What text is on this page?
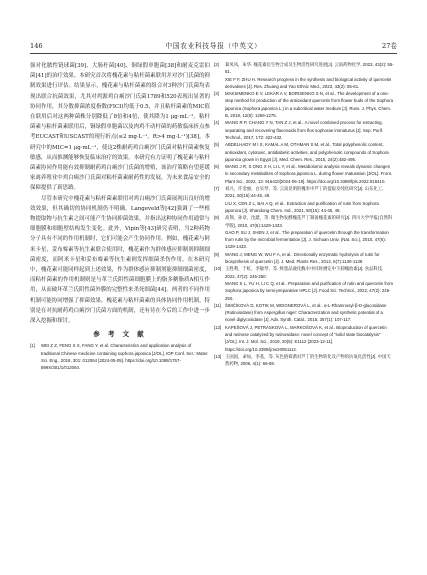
146	中国农业科技导报（中英文）	27卷

强对化脓性链球菌[39]、大肠杆菌[40]、铜绿假单胞菌[38]和耐麦克雷伯菌[41]的治疗效果。本研究首次将槐花素与粘杆菌素联用并对沙门氏菌的抑制效果进行评估。结果显示，槐花素与粘杆菌素的组合对3种沙门氏菌均表现出联合抗菌效果，尤其对鸡源鸡白痢沙门氏菌1789和520表现出显著的协同作用，其分数抑菌浓度指数(FICI)均低于0.5，并且粘杆菌素的MIC值在联用后对这两种菌株分别降低了8倍和4倍，使其降为1 μg·mL⁻¹。粘杆菌素与粘杆菌素联用后，铜绿假单胞菌以及肉鸡不动杆菌的药敏临床折点参考EUCAST和USCAST的现行折点(≤2 mg·L⁻¹，R>4 mg·L⁻¹)[38]，本研究中的MIC=1 μg·mL⁻¹，使这2株耐药鸡白痢沙门氏菌对粘杆菌素恢复敏感，从而推测能够恢复临床治疗的效果。本研究有力证明了槐花素与粘杆菌素协同作用能有效抑制耐药鸡白痢沙门氏菌的增殖，该治疗策略有望延缓家禽养殖业中鸡白痢沙门氏菌对粘杆菌素耐药性的发展，为未来食品安全的保障提供了新思路。

尽管本研究中槐花素与粘杆菌素联用对鸡白痢沙门氏菌展现出良好的增效效果，但其确切的协同机制仍不明确。Langeveld等[42]强调了一些植物提取物与抗生素之间可能产生协同抑菌效果，并指出这种协同作用通常与细胞膜和细胞壁结构发生变化。此外，Vipin等[43]研究表明，当2种药物分子具有不同的作用机制时，它们可能会产生协同作用。例如，槐花素与阿米卡星、妥布霉素等抗生素联合使用时，槐花素作为群体感应抑制剂抑制细菌密度，而阿米卡星和妥布霉素等抗生素则发挥细菌杀伤作用。在本研究中，槐花素可能同样起到上述效果，作为群体感应抑制剂能抑制细菌密度，而粘杆菌素的作用机制则是与革兰氏阴性菌细胞膜上的脂多糖脂质A相互作用，从而破坏革兰氏阴性菌外膜的完整性来杀死细菌[44]。两者的不同作用机制可能协同增强了抑菌效果。槐花素与粘杆菌素的具体协同作用机制，特别是在对抗耐药鸡白痢沙门氏菌方面的机制，还有待在今后的工作中进一步深入挖掘和探讨。

参 考 文 献

[1] WEI Z Z, FENG S X, FANG Y, et al. Characteristics and application analysis of traditional Chinese medicine containing sophora japonica [J/OL]. IOP Conf. Ser.: Mater. Sci. Eng., 2018, 301: 012064 [2024-05-05]. https://doi.org/10.1088/1757-899X/301/1/012064.

[2] 葛凤凤，朱华. 槐花素衍生物合成及生物活性研究进展[J]. 云南药物化学, 2023, 43(2): 55-61.

XIE F F, ZHU H. Research progress in the synthesis and biological activity of quercetin derivatives [J]. Res. Zhuang and Yao Ethnic Med., 2023, 43(2): 55-61.

[3] MAKSIMENKO E V, LEKAR A V, BORISENKO S N, et al.. The development of a one-step method for production of the antioxidant quercetin from flower buds of the Sophora japonica (Sophora japonica L.) in a subcritical water medium [J]. Russ. J. Phys. Chem. B, 2018, 12(8): 1269-1275.

[4] WANG R P, CHANG Y N, TAN Z J, et al.. A novel combined process for extracting, separating and recovering flavonoids from flos sophorae immaturus [J]. Sep. Purif. Technol., 2017, 172: 422-432.

[5] ABDELHADY M I S, KAMAL A M, OTHMAN S M, et al.. Total polyphenolic content, antioxidant, cytotoxic, antidiabetic activities, and polyphenolic compounds of Sophora japonica grown in Egypt [J]. Med. Chem. Res., 2015, 24(2):482-495.

[6] WANG J R, S ONG X H, LI L Y, et al.. Metabolomic analysis reveals dynamic changes in secondary metabolites of Sophora japonica L. during flower maturation [J/OL]. Front. Plant Sci., 2022, 13: 916410[2024-05-19]. https://doi.org/10.3389/fpls.2022.916410.

[7] 刘兴，许金丽，白实琴，等. 云南昆明的槐米中芦丁的提取及纯化研究[J]. 山东化工, 2021, 50(16):44-45, 49.

LIU X, CEN Z L, BAI A Q, et al.. Extraction and purification of rutin from Sophora japonica [J]. Shandong Chem. Ind., 2021, 50(16): 44-45, 49.

[8] 高翔，孙章，沈建，等. 微生物发酵槐花芦丁制备槐花素的研究[J]. 四川大学学报(自然科学版), 2010, 47(6):1429-1433.

GAO P, SU J, SHEN J, et al.. The preparation of quercetin through the transformation from rutin by the microbial fermentation [J]. J. Sichuan Univ. (Nat. Sci.), 2010, 47(6): 1429-1433.

[9] WANG J, MENG W, WU F A, et al.. Directionally enzymatic hydrolysis of rutin for biosynthesis of quercetin [J]. J. Med. Plants Res., 2012, 6(7):1130-1139.

[10] 王胜利，于虹，李敏琴，等. 鲜蛋品液化酶水中同时测定中下卸槐放素[J]. 食品科技, 2022, 47(2): 245-250.

WANG S L, YU H, LI C Q, et al.. Preparation and purification of rutin and quercetin from Sophora japonica by semi-preparative HPLC [J]. Food Sci. Technol., 2022, 47(2): 245-250.

[11] ŠIMČÍKOVÁ D, KOTIK M, WEIGNEROVÁ L, et al.. α-L-Rhamnosyl-β-D-glucosidase (Rutinosidase) from Aspergillus niger: Characterization and synthetic potential of a novel diglycosidase [J]. Adv. Synth. Catal., 2015, 357(1): 107-117.

[12] KAPEŠOVÁ J, PETRÁSKOVÁ L, MARKOŠOVÁ K, et al.. Bioproduction of quercetin and rutinose catalyzed by rutinosidase: novel concept of "solid state biocatalysis" [J/OL]. Int. J. Mol. Sci., 2019, 20(5): E1112 [2023-12-11]. https://doi.org/10.3390/ijms20051112.

[13] 王国国，命如，李基，等. 灰色链霉菌对芦丁的生物转化及产物的抗氧化活性[J]. 中国天然药物, 2006, 4(1): 66-69.
